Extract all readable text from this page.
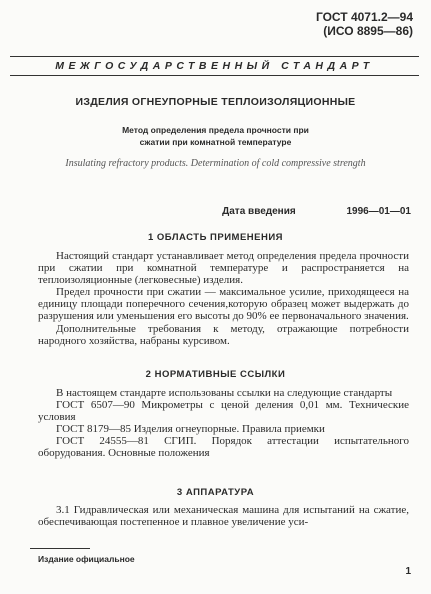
ГОСТ 4071.2—94
(ИСО 8895—86)
МЕЖГОСУДАРСТВЕННЫЙ СТАНДАРТ
ИЗДЕЛИЯ ОГНЕУПОРНЫЕ ТЕПЛОИЗОЛЯЦИОННЫЕ
Метод определения предела прочности при
сжатии при комнатной температуре
Insulating refractory products. Determination of cold compressive strength
Дата введения	1996—01—01
1 ОБЛАСТЬ ПРИМЕНЕНИЯ

Настоящий стандарт устанавливает метод определения предела прочности при сжатии при комнатной температуре и распространяется на теплоизоляционные (легковесные) изделия.

Предел прочности при сжатии — максимальное усилие, приходящееся на единицу площади поперечного сечения,которую образец может выдержать до разрушения или уменьшения его высоты до 90% ее первоначального значения.

Дополнительные требования к методу, отражающие потребности народного хозяйства, набраны курсивом.

2 НОРМАТИВНЫЕ ССЫЛКИ

В настоящем стандарте использованы ссылки на следующие стандарты

ГОСТ 6507—90 Микрометры с ценой деления 0,01 мм. Технические условия

ГОСТ 8179—85 Изделия огнеупорные. Правила приемки

ГОСТ 24555—81 СГИП. Порядок аттестации испытательного оборудования. Основные положения

3 АППАРАТУРА

3.1 Гидравлическая или механическая машина для испытаний на сжатие, обеспечивающая постепенное и плавное увеличение уси-

Издание официальное
1
